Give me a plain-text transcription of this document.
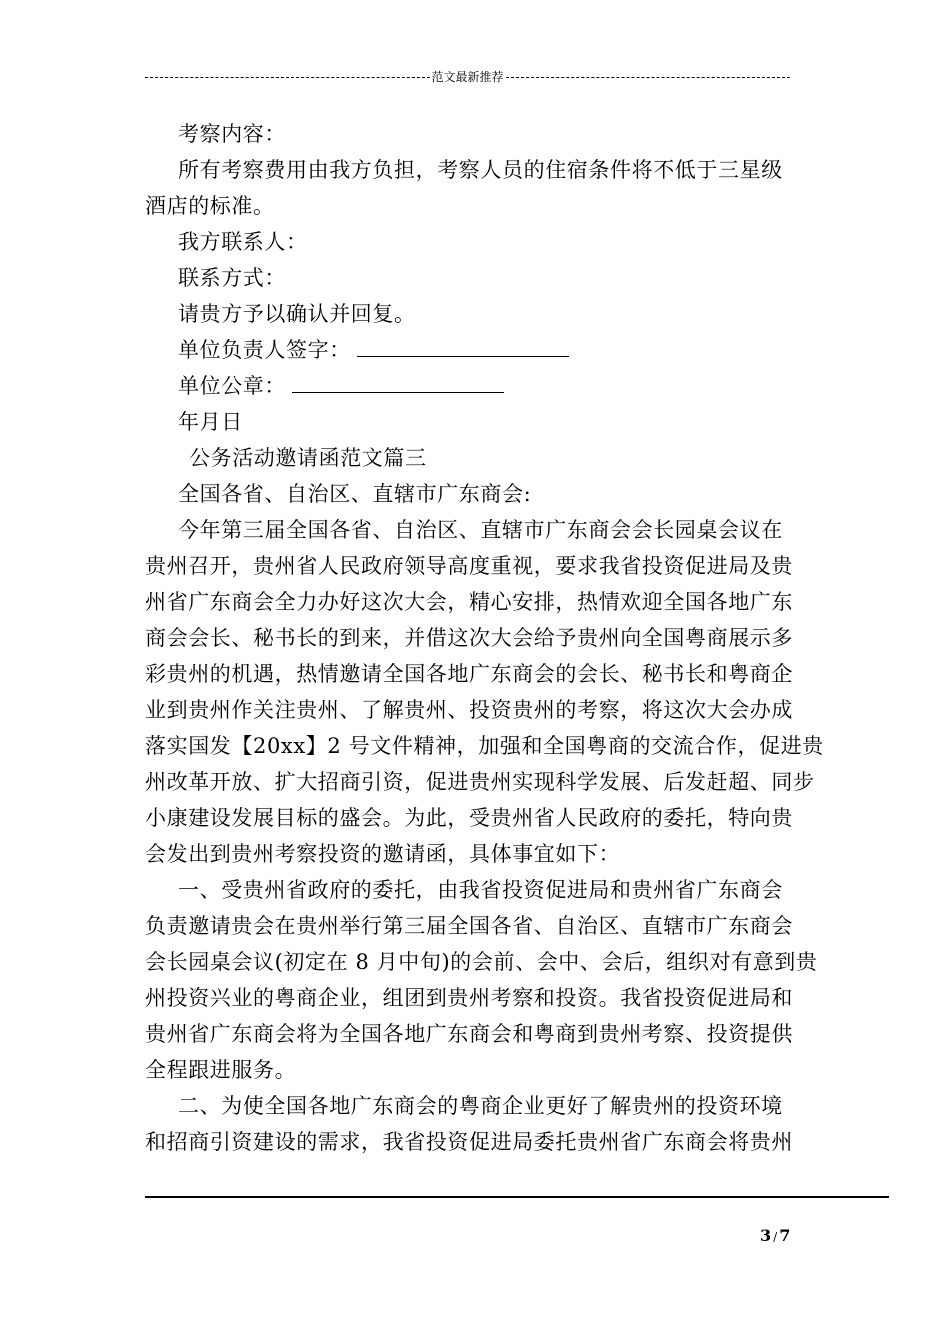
范文最新推荐

考察内容：

所有考察费用由我方负担，考察人员的住宿条件将不低于三星级

酒店的标准。

我方联系人：

联系方式：

请贵方予以确认并回复。

单位负责人签字：

单位公章：

年月日

公务活动邀请函范文篇三

全国各省、自治区、直辖市广东商会:

今年第三届全国各省、自治区、直辖市广东商会会长园桌会议在

贵州召开，贵州省人民政府领导高度重视，要求我省投资促进局及贵

州省广东商会全力办好这次大会，精心安排，热情欢迎全国各地广东

商会会长、秘书长的到来，并借这次大会给予贵州向全国粤商展示多

彩贵州的机遇，热情邀请全国各地广东商会的会长、秘书长和粤商企

业到贵州作关注贵州、了解贵州、投资贵州的考察，将这次大会办成

落实国发【20xx】2 号文件精神，加强和全国粤商的交流合作，促进贵

州改革开放、扩大招商引资，促进贵州实现科学发展、后发赶超、同步

小康建设发展目标的盛会。为此，受贵州省人民政府的委托，特向贵

会发出到贵州考察投资的邀请函，具体事宜如下：

一、受贵州省政府的委托，由我省投资促进局和贵州省广东商会

负责邀请贵会在贵州举行第三届全国各省、自治区、直辖市广东商会

会长园桌会议(初定在 8 月中旬)的会前、会中、会后，组织对有意到贵

州投资兴业的粤商企业，组团到贵州考察和投资。我省投资促进局和

贵州省广东商会将为全国各地广东商会和粤商到贵州考察、投资提供

全程跟进服务。

二、为使全国各地广东商会的粤商企业更好了解贵州的投资环境

和招商引资建设的需求，我省投资促进局委托贵州省广东商会将贵州

3 / 7
